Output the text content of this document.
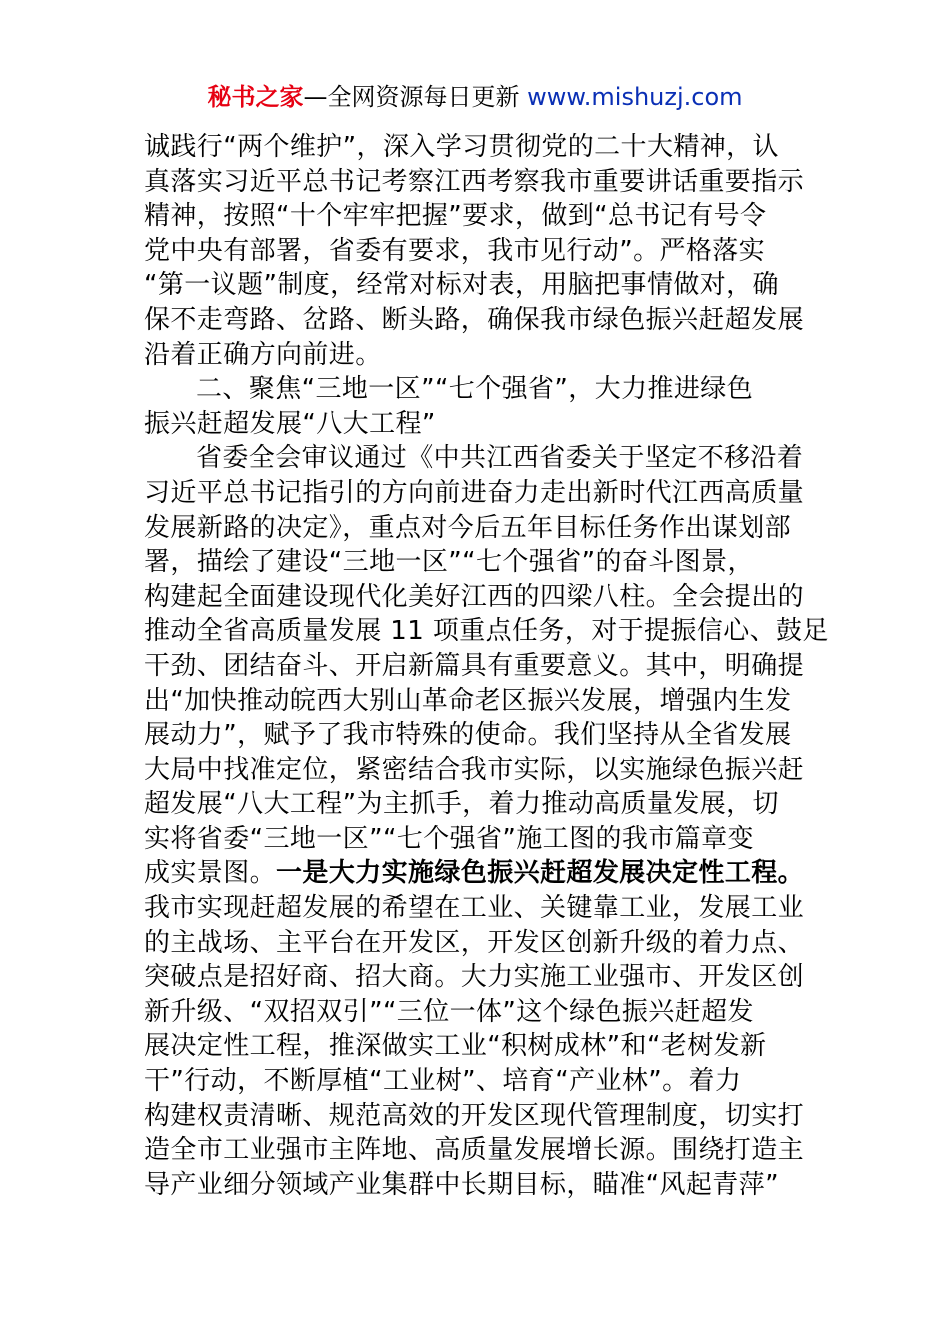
秘书之家—全网资源每日更新 www.mishuzj.com
诚践行“两个维护”，深入学习贯彻党的二十大精神，认
真落实习近平总书记考察江西考察我市重要讲话重要指示
精神，按照“十个牢牢把握”要求，做到“总书记有号令
党中央有部署，省委有要求，我市见行动”。严格落实
“第一议题”制度，经常对标对表，用脑把事情做对，确
保不走弯路、岔路、断头路，确保我市绿色振兴赶超发展
沿着正确方向前进。
二、聚焦“三地一区”“七个强省”，大力推进绿色
振兴赶超发展“八大工程”
省委全会审议通过《中共江西省委关于坚定不移沿着
习近平总书记指引的方向前进奋力走出新时代江西高质量
发展新路的决定》，重点对今后五年目标任务作出谋划部
署，描绘了建设“三地一区”“七个强省”的奋斗图景，
构建起全面建设现代化美好江西的四梁八柱。全会提出的
推动全省高质量发展 11 项重点任务，对于提振信心、鼓足
干劲、团结奋斗、开启新篇具有重要意义。其中，明确提
出“加快推动皖西大别山革命老区振兴发展，增强内生发
展动力”，赋予了我市特殊的使命。我们坚持从全省发展
大局中找准定位，紧密结合我市实际，以实施绿色振兴赶
超发展“八大工程”为主抓手，着力推动高质量发展，切
实将省委“三地一区”“七个强省”施工图的我市篇章变
成实景图。一是大力实施绿色振兴赶超发展决定性工程。
我市实现赶超发展的希望在工业、关键靠工业，发展工业
的主战场、主平台在开发区，开发区创新升级的着力点、
突破点是招好商、招大商。大力实施工业强市、开发区创
新升级、“双招双引”“三位一体”这个绿色振兴赶超发
展决定性工程，推深做实工业“积树成林”和“老树发新
干”行动，不断厚植“工业树”、培育“产业林”。着力
构建权责清晰、规范高效的开发区现代管理制度，切实打
造全市工业强市主阵地、高质量发展增长源。围绕打造主
导产业细分领域产业集群中长期目标，瞄准“风起青萍”
